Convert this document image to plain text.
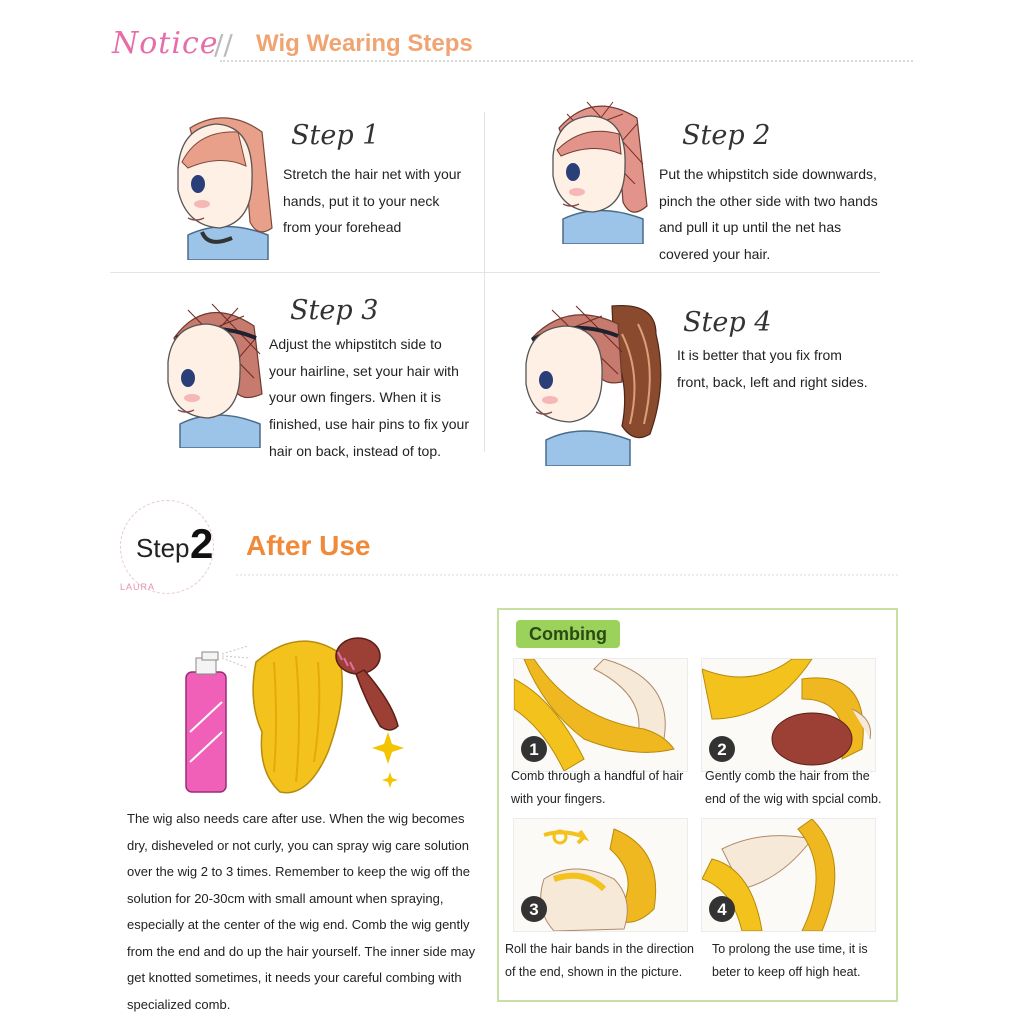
Notice
// Wig Wearing Steps
Step 1
Stretch the hair net with your
hands, put it to your neck
from your forehead
Step 2
Put the whipstitch side downwards,
pinch the other side with two hands
and pull it up until the net has
covered your hair.
Step 3
Adjust the whipstitch side to
your hairline, set your hair with
your own fingers. When it is
finished, use hair pins to fix your
hair on back, instead of top.
Step 4
It is better that you fix from
front, back, left and right sides.
Step 2
LAURA
After Use
The wig also needs care after use. When the wig becomes
dry, disheveled or not curly, you can spray wig care solution
over the wig 2 to 3 times. Remember to keep the wig off the
solution for 20-30cm with small amount when spraying,
especially at the center of the wig end. Comb the wig gently
from the end and do up the hair yourself. The inner side may
get knotted sometimes, it needs your careful combing with
specialized comb.
Combing
1
Comb through a handful of hair
with your fingers.
2
Gently comb the hair from the
end of the wig with spcial comb.
3
Roll the hair bands in the direction
of the end, shown in the picture.
4
To prolong the use time, it is
beter to keep off high heat.
